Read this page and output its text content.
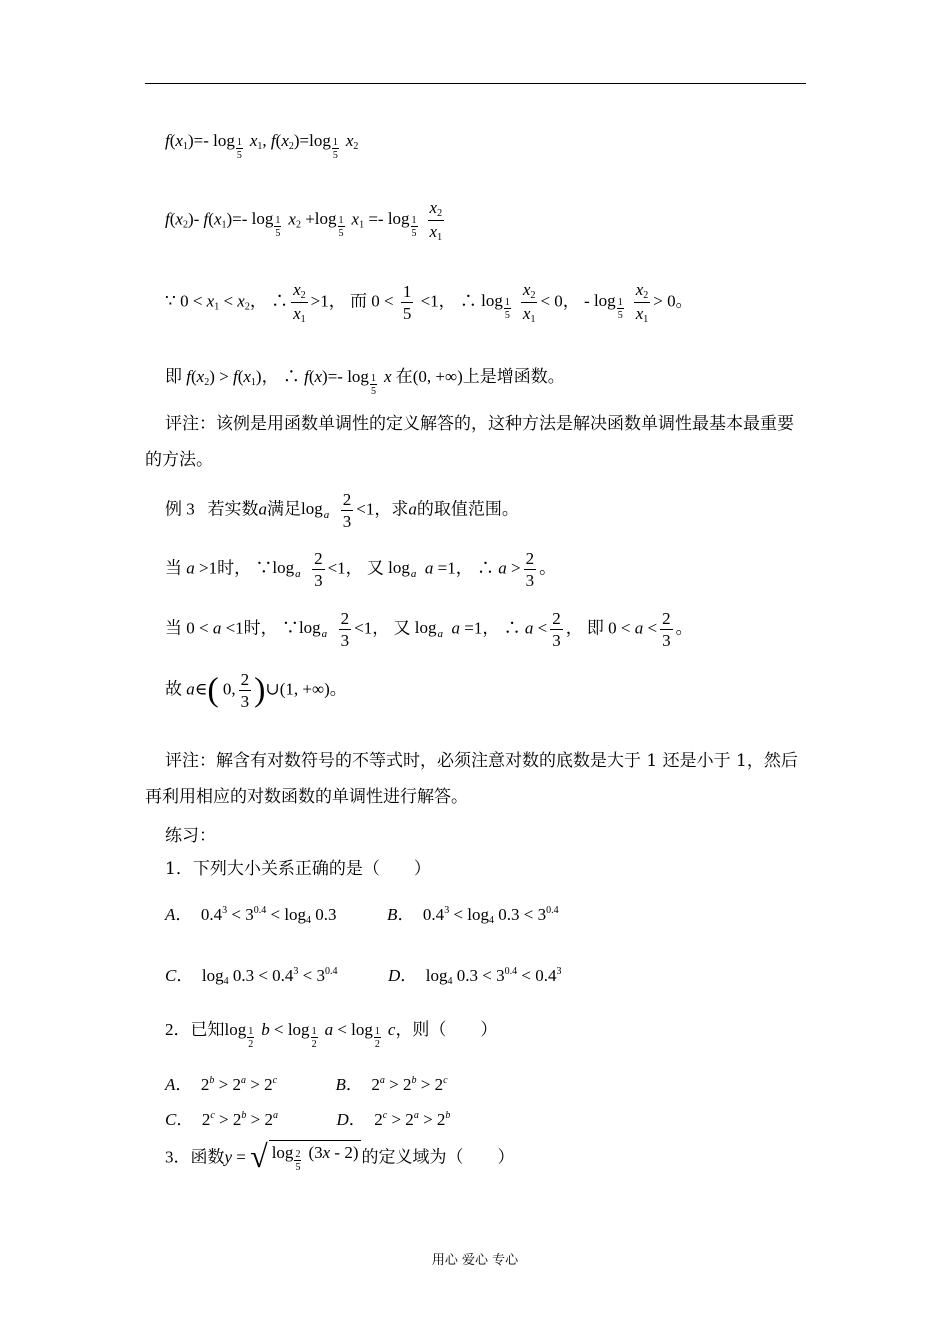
$f(x_1)=-$ log 1
5
$x_1$, $f(x_2)=\log$ 1
5
$x_2$
$f(x_2)-$ $f(x_1)=-$ log 1
5
$x_2 +\log$ 1
5
$x_1 =- \log 1$
$5 \frac{x_2}{x_1}$
∵ $0 < x_1 < x_2$， ∴ $\frac{x_2}{x_1} >1$， 而 $0 < \frac{1}{5} <1$， ∴ log 1
$5 \frac{x_2}{x_1} < 0$， - log 1
$5 \frac{x_2}{x_1} > 0$。
即 $f(x_2) > f(x_1)$， ∴ f(x)=- log 1
5
x 在(0, +∞)上是增函数。
评注：该例是用函数单调性的定义解答的，这种方法是解决函数单调性最基本最重要的方法。
例 3 若实数a满足log a $\frac{2}{3} <1$，求a的取值范围。
当 a >1时， ∵log a $\frac{2}{3} <1$， 又 log a a =1， ∴ $a > \frac{2}{3}$ 。
当 0 < a <1时， ∵log a $\frac{2}{3} <1$， 又 log a a =1， ∴ $a < \frac{2}{3}$ ， 即 $0 < a < \frac{2}{3}$ 。
故 a∈( 0, $\frac{2}{3}$ )∪(1, +∞)。
评注：解含有对数符号的不等式时，必须注意对数的底数是大于 1 还是小于 1，然后再利用相应的对数函数的单调性进行解答。
练习：
1．下列大小关系正确的是（　　）
A．  $0.4^3 < 3^{0.4} < \log_4 0.3$	B．  $0.4^3 < \log_4 0.3 < 3^{0.4}$
C．  $\log_4 0.3 < 0.4^3 < 3^{0.4}$	D．  $\log_4 0.3 < 3^{0.4} < 0.4^3$
2．已知log 1
2
b < log 1
2
a < log 1
2
c，则（　　）
A．  $2^b > 2^a > 2^c$	B．  $2^a > 2^b > 2^c$
C．  $2^c > 2^b > 2^a$	D．  $2^c > 2^a > 2^b$
3．函数y = √ log 2
5
(3x - 2) 的定义域为（　　）
用心 爱心 专心
